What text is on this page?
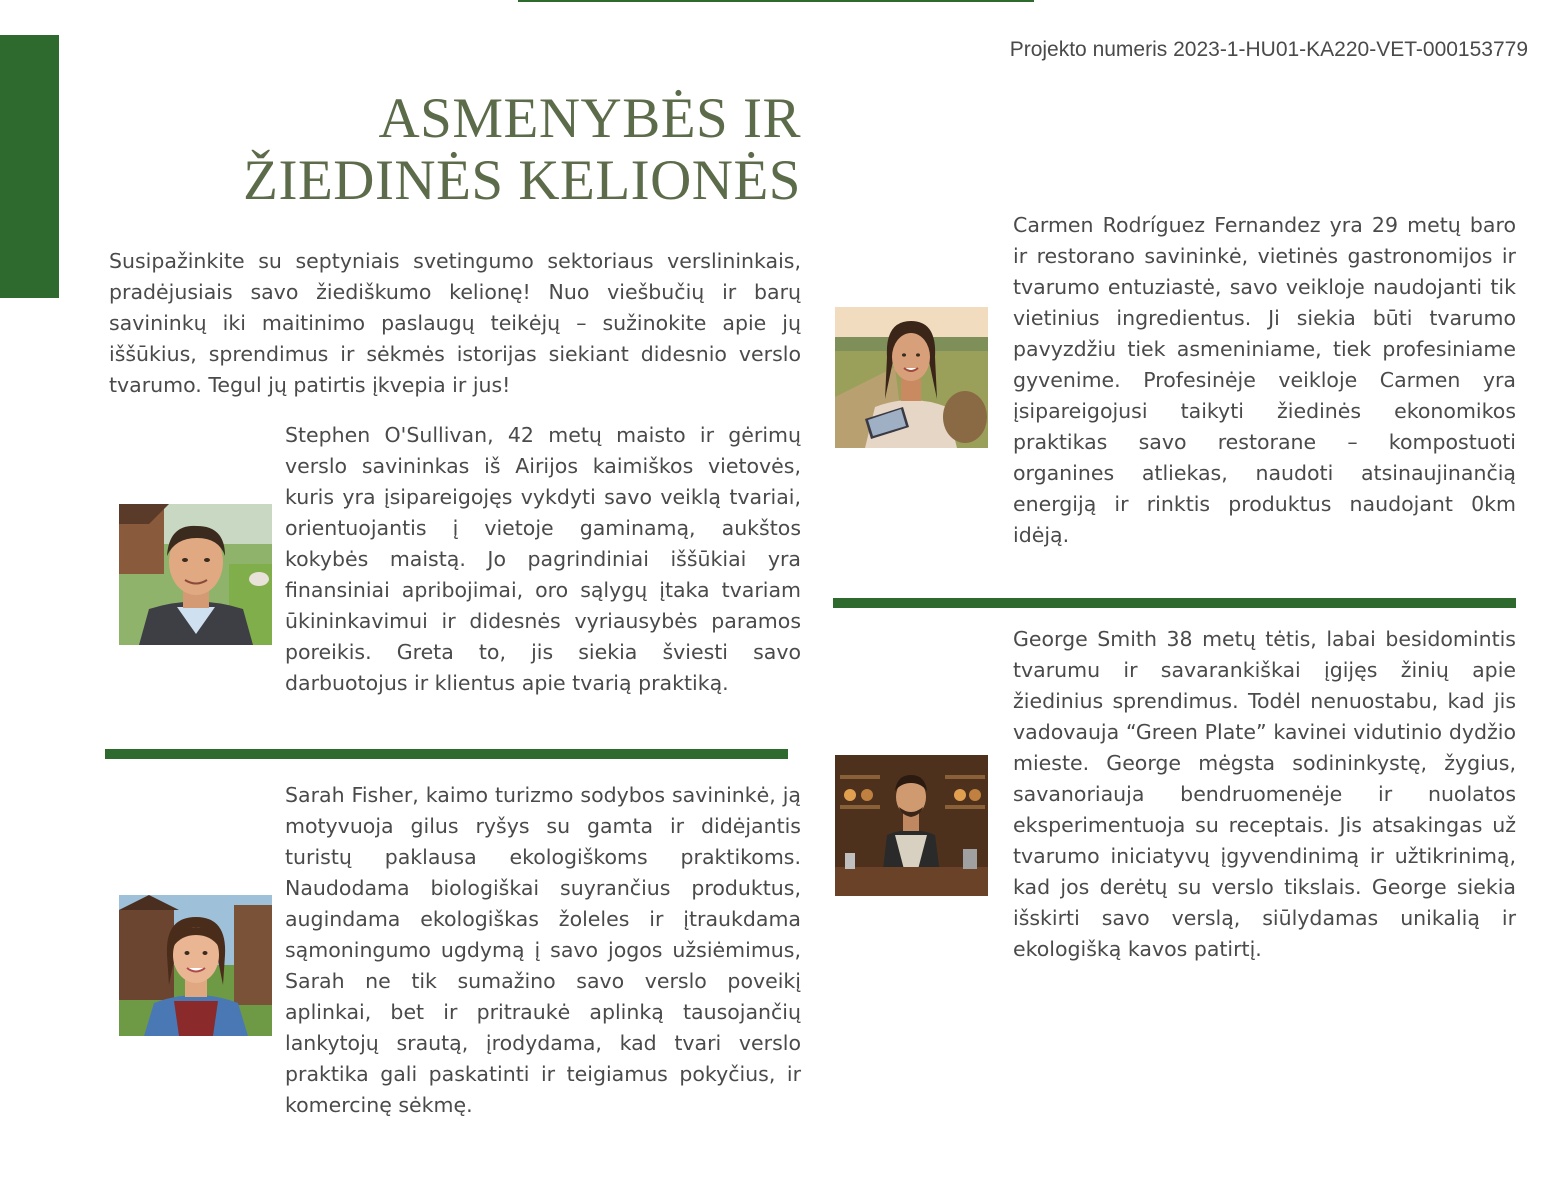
Projekto numeris 2023-1-HU01-KA220-VET-000153779
ASMENYBĖS IR
ŽIEDINĖS KELIONĖS

Susipažinkite su septyniais svetingumo sektoriaus verslininkais, pradėjusiais savo žiediškumo kelionę! Nuo viešbučių ir barų savininkų iki maitinimo paslaugų teikėjų – sužinokite apie jų iššūkius, sprendimus ir sėkmės istorijas siekiant didesnio verslo tvarumo. Tegul jų patirtis įkvepia ir jus!

Stephen O'Sullivan, 42 metų maisto ir gėrimų verslo savininkas iš Airijos kaimiškos vietovės, kuris yra įsipareigojęs vykdyti savo veiklą tvariai, orientuojantis į vietoje gaminamą, aukštos kokybės maistą. Jo pagrindiniai iššūkiai yra finansiniai apribojimai, oro sąlygų įtaka tvariam ūkininkavimui ir didesnės vyriausybės paramos poreikis. Greta to, jis siekia šviesti savo darbuotojus ir klientus apie tvarią praktiką.

Sarah Fisher, kaimo turizmo sodybos savininkė, ją motyvuoja gilus ryšys su gamta ir didėjantis turistų paklausa ekologiškoms praktikoms. Naudodama biologiškai suyrančius produktus, augindama ekologiškas žoleles ir įtraukdama sąmoningumo ugdymą į savo jogos užsiėmimus, Sarah ne tik sumažino savo verslo poveikį aplinkai, bet ir pritraukė aplinką tausojančių lankytojų srautą, įrodydama, kad tvari verslo praktika gali paskatinti ir teigiamus pokyčius, ir komercinę sėkmę.

Carmen Rodríguez Fernandez yra 29 metų baro ir restorano savininkė, vietinės gastronomijos ir tvarumo entuziastė, savo veikloje naudojanti tik vietinius ingredientus. Ji siekia būti tvarumo pavyzdžiu tiek asmeniniame, tiek profesiniame gyvenime. Profesinėje veikloje Carmen yra įsipareigojusi taikyti žiedinės ekonomikos praktikas savo restorane – kompostuoti organines atliekas, naudoti atsinaujinančią energiją ir rinktis produktus naudojant 0km idėją.

George Smith 38 metų tėtis, labai besidomintis tvarumu ir savarankiškai įgijęs žinių apie žiedinius sprendimus. Todėl nenuostabu, kad jis vadovauja “Green Plate” kavinei vidutinio dydžio mieste. George mėgsta sodininkystę, žygius, savanoriauja bendruomenėje ir nuolatos eksperimentuoja su receptais. Jis atsakingas už tvarumo iniciatyvų įgyvendinimą ir užtikrinimą, kad jos derėtų su verslo tikslais. George siekia išskirti savo verslą, siūlydamas unikalią ir ekologišką kavos patirtį.
